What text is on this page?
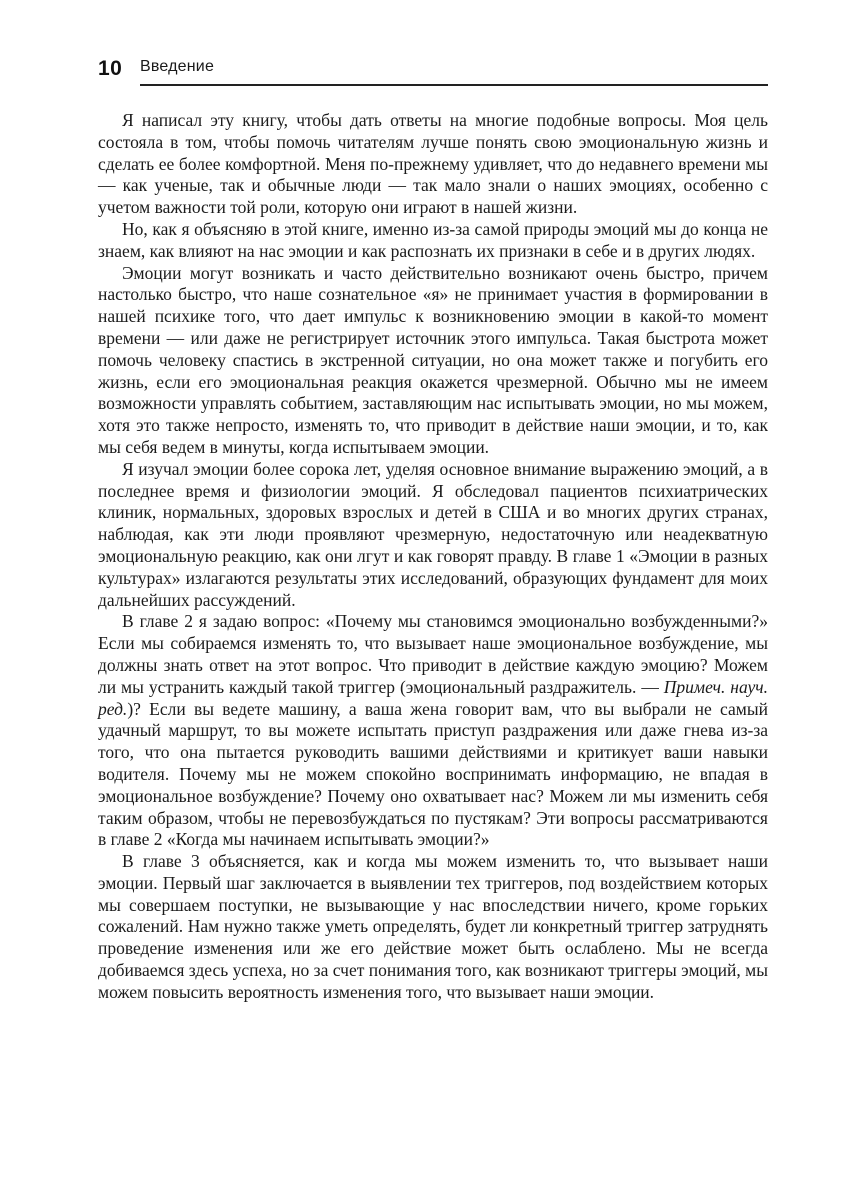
10	Введение

Я написал эту книгу, чтобы дать ответы на многие подобные вопросы. Моя цель состояла в том, чтобы помочь читателям лучше понять свою эмоциональную жизнь и сделать ее более комфортной. Меня по-прежнему удивляет, что до недавнего времени мы — как ученые, так и обычные люди — так мало знали о наших эмоциях, особенно с учетом важности той роли, которую они играют в нашей жизни.

Но, как я объясняю в этой книге, именно из-за самой природы эмоций мы до конца не знаем, как влияют на нас эмоции и как распознать их признаки в себе и в других людях.

Эмоции могут возникать и часто действительно возникают очень быстро, причем настолько быстро, что наше сознательное «я» не принимает участия в формировании в нашей психике того, что дает импульс к возникновению эмоции в какой-то момент времени — или даже не регистрирует источник этого импульса. Такая быстрота может помочь человеку спастись в экстренной ситуации, но она может также и погубить его жизнь, если его эмоциональная реакция окажется чрезмерной. Обычно мы не имеем возможности управлять событием, заставляющим нас испытывать эмоции, но мы можем, хотя это также непросто, изменять то, что приводит в действие наши эмоции, и то, как мы себя ведем в минуты, когда испытываем эмоции.

Я изучал эмоции более сорока лет, уделяя основное внимание выражению эмоций, а в последнее время и физиологии эмоций. Я обследовал пациентов психиатрических клиник, нормальных, здоровых взрослых и детей в США и во многих других странах, наблюдая, как эти люди проявляют чрезмерную, недостаточную или неадекватную эмоциональную реакцию, как они лгут и как говорят правду. В главе 1 «Эмоции в разных культурах» излагаются результаты этих исследований, образующих фундамент для моих дальнейших рассуждений.

В главе 2 я задаю вопрос: «Почему мы становимся эмоционально возбужденными?» Если мы собираемся изменять то, что вызывает наше эмоциональное возбуждение, мы должны знать ответ на этот вопрос. Что приводит в действие каждую эмоцию? Можем ли мы устранить каждый такой триггер (эмоциональный раздражитель. — Примеч. науч. ред.)? Если вы ведете машину, а ваша жена говорит вам, что вы выбрали не самый удачный маршрут, то вы можете испытать приступ раздражения или даже гнева из-за того, что она пытается руководить вашими действиями и критикует ваши навыки водителя. Почему мы не можем спокойно воспринимать информацию, не впадая в эмоциональное возбуждение? Почему оно охватывает нас? Можем ли мы изменить себя таким образом, чтобы не перевозбуждаться по пустякам? Эти вопросы рассматриваются в главе 2 «Когда мы начинаем испытывать эмоции?»

В главе 3 объясняется, как и когда мы можем изменить то, что вызывает наши эмоции. Первый шаг заключается в выявлении тех триггеров, под воздействием которых мы совершаем поступки, не вызывающие у нас впоследствии ничего, кроме горьких сожалений. Нам нужно также уметь определять, будет ли конкретный триггер затруднять проведение изменения или же его действие может быть ослаблено. Мы не всегда добиваемся здесь успеха, но за счет понимания того, как возникают триггеры эмоций, мы можем повысить вероятность изменения того, что вызывает наши эмоции.
